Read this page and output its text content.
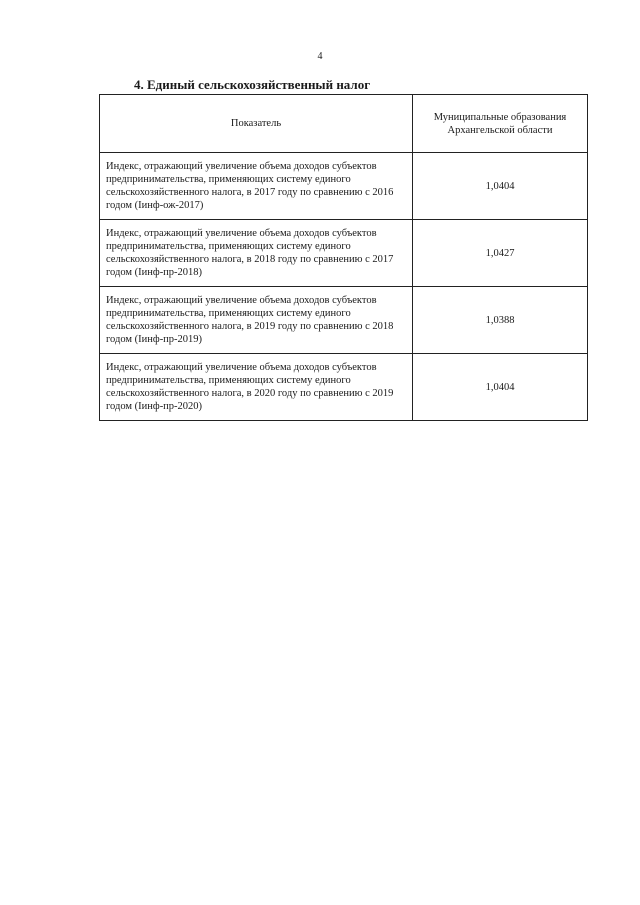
4
4. Единый сельскохозяйственный налог
Показатель	Муниципальные образования Архангельской области
Индекс, отражающий увеличение объема доходов субъектов предпринимательства, применяющих систему единого сельскохозяйственного налога, в 2017 году по сравнению с 2016 годом (Iинф-ож-2017)	1,0404
Индекс, отражающий увеличение объема доходов субъектов предпринимательства, применяющих систему единого сельскохозяйственного налога, в 2018 году по сравнению с 2017 годом (Iинф-пр-2018)	1,0427
Индекс, отражающий увеличение объема доходов субъектов предпринимательства, применяющих систему единого сельскохозяйственного налога, в 2019 году по сравнению с 2018 годом (Iинф-пр-2019)	1,0388
Индекс, отражающий увеличение объема доходов субъектов предпринимательства, применяющих систему единого сельскохозяйственного налога, в 2020 году по сравнению с 2019 годом (Iинф-пр-2020)	1,0404
